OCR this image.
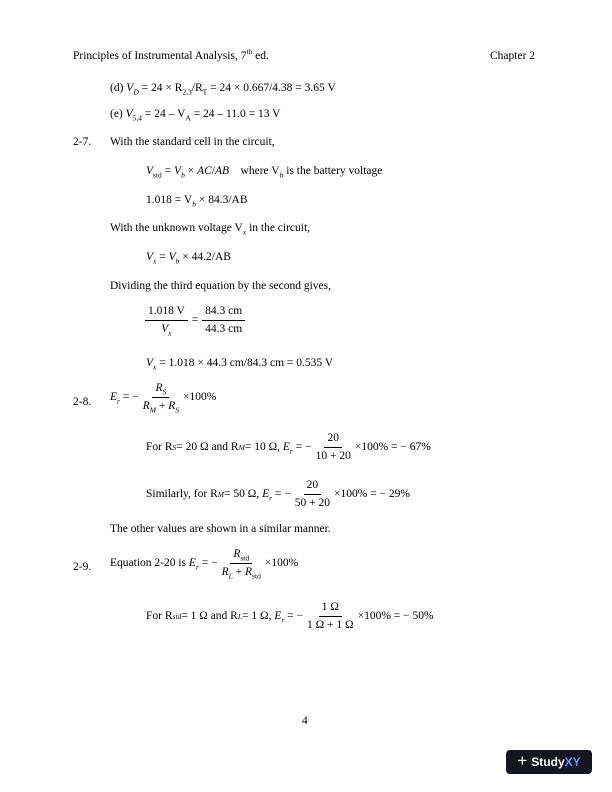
Principles of Instrumental Analysis, 7th ed.	Chapter 2
(d) $V_D = 24 \times R_{2,3}/R_T = 24 \times 0.667/4.38 = 3.65$ V
(e) $V_{5,4} = 24 - V_A = 24 - 11.0 = 13$ V
2-7. With the standard cell in the circuit,
$V_{std} = V_b \times AC/AB$ where $V_b$ is the battery voltage
$1.018 = V_b \times 84.3/AB$
With the unknown voltage $V_x$ in the circuit,
$V_x = V_b \times 44.2/AB$
Dividing the third equation by the second gives,
$\frac{1.018 V}{V_x} = \frac{84.3 cm}{44.3 cm}$
$V_x = 1.018 \times 44.3$ cm/84.3 cm = 0.535 V
2-8. $E_r$ = − $\frac{R_S}{R_M + R_S} \times 100\%$
For R S = 20 Ω and R M = 10 Ω, $E_r$ = − $\frac{20}{10 + 20} \times 100\%$ = − 67%
Similarly, for R M = 50 Ω, $E_r$ = − $\frac{20}{50 + 20} \times 100\%$ = − 29%
The other values are shown in a similar manner.
2-9. Equation 2-20 is $E_r$ = − $\frac{R_{std}}{R_L + R_{std}} \times 100\%$
For R std = 1 Ω and R L = 1 Ω, $E_r$ = − $\frac{1 \Omega}{1 \Omega + 1 \Omega} \times 100\%$ = − 50%
4
+ StudyXY
